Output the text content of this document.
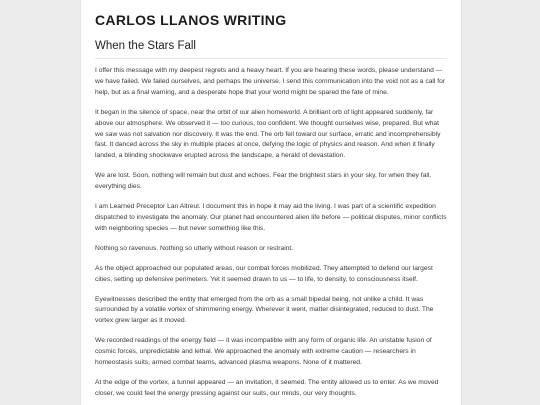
CARLOS LLANOS WRITING
When the Stars Fall

I offer this message with my deepest regrets and a heavy heart. If you are hearing these words, please understand — we have failed. We failed ourselves, and perhaps the universe. I send this communication into the void not as a call for help, but as a final warning, and a desperate hope that your world might be spared the fate of mine.

It began in the silence of space, near the orbit of our alien homeworld. A brilliant orb of light appeared suddenly, far above our atmosphere. We observed it — too curious, too confident. We thought ourselves wise, prepared. But what we saw was not salvation nor discovery. It was the end. The orb fell toward our surface, erratic and incomprehensibly fast. It danced across the sky in multiple places at once, defying the logic of physics and reason. And when it finally landed, a blinding shockwave erupted across the landscape, a herald of devastation.

We are lost. Soon, nothing will remain but dust and echoes. Fear the brightest stars in your sky, for when they fall, everything dies.

I am Learned Preceptor Lan Altreul. I document this in hope it may aid the living. I was part of a scientific expedition dispatched to investigate the anomaly. Our planet had encountered alien life before — political disputes, minor conflicts with neighboring species — but never something like this.

Nothing so ravenous. Nothing so utterly without reason or restraint.

As the object approached our populated areas, our combat forces mobilized. They attempted to defend our largest cities, setting up defensive perimeters. Yet it seemed drawn to us — to life, to density, to consciousness itself.

Eyewitnesses described the entity that emerged from the orb as a small bipedal being, not unlike a child. It was surrounded by a volatile vortex of shimmering energy. Wherever it went, matter disintegrated, reduced to dust. The vortex grew larger as it moved.

We recorded readings of the energy field — it was incompatible with any form of organic life. An unstable fusion of cosmic forces, unpredictable and lethal. We approached the anomaly with extreme caution — researchers in homeostasis suits, armed combat teams, advanced plasma weapons. None of it mattered.

At the edge of the vortex, a tunnel appeared — an invitation, it seemed. The entity allowed us to enter. As we moved closer, we could feel the energy pressing against our suits, our minds, our very thoughts.
